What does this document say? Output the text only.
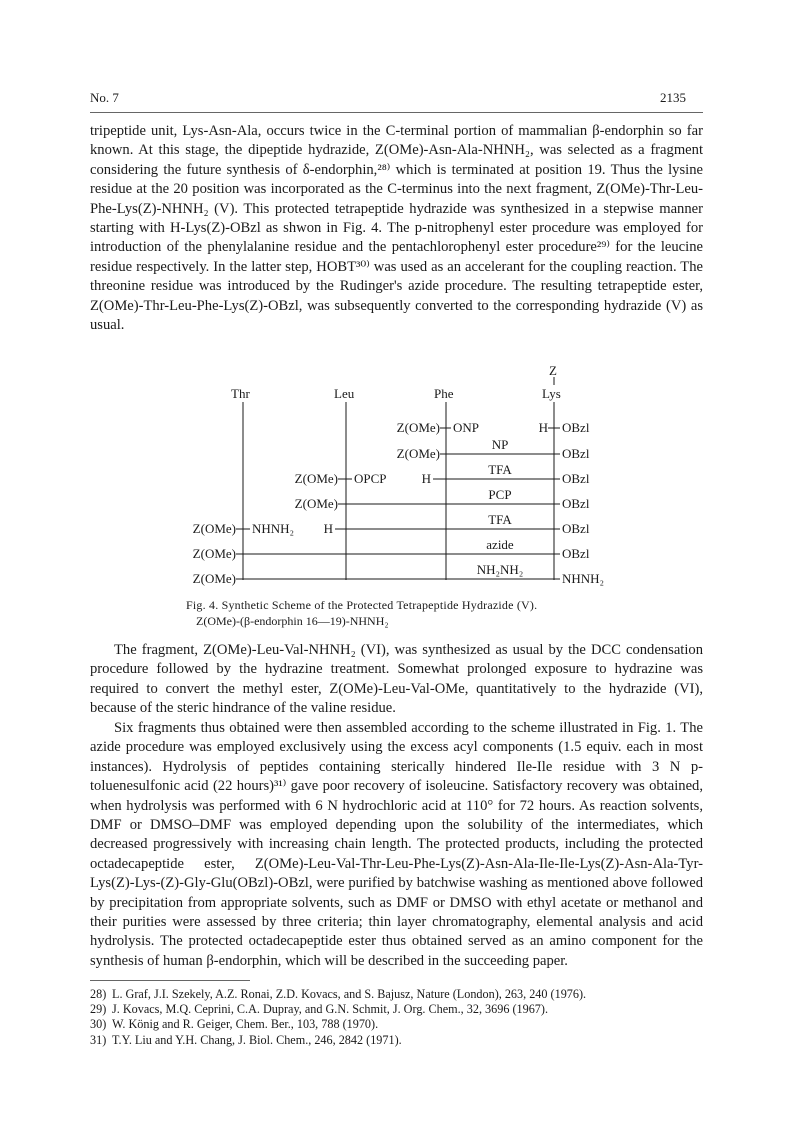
No. 7	2135

tripeptide unit, Lys-Asn-Ala, occurs twice in the C-terminal portion of mammalian β-endorphin so far known. At this stage, the dipeptide hydrazide, Z(OMe)-Asn-Ala-NHNH₂, was selected as a fragment considering the future synthesis of δ-endorphin,²⁸⁾ which is terminated at position 19. Thus the lysine residue at the 20 position was incorporated as the C-terminus into the next fragment, Z(OMe)-Thr-Leu-Phe-Lys(Z)-NHNH₂ (V). This protected tetrapeptide hydrazide was synthesized in a stepwise manner starting with H-Lys(Z)-OBzl as shwon in Fig. 4. The p-nitrophenyl ester procedure was employed for introduction of the phenylalanine residue and the pentachlorophenyl ester procedure²⁹⁾ for the leucine residue respectively. In the latter step, HOBT³⁰⁾ was used as an accelerant for the coupling reaction. The threonine residue was introduced by the Rudinger's azide procedure. The resulting tetrapeptide ester, Z(OMe)-Thr-Leu-Phe-Lys(Z)-OBzl, was subsequently converted to the corresponding hydrazide (V) as usual.

Thr	Leu	Phe	Lys
Z
Z(OMe) ONP	H OBzl
Z(OMe)
NP
OBzl
Z(OMe) OPCP	H
TFA
OBzl
Z(OMe)
PCP
OBzl
Z(OMe) NHNH₂ H
TFA
OBzl
Z(OMe)
azide
OBzl
Z(OMe)
NH₂NH₂
NHNH₂
Fig. 4. Synthetic Scheme of the Protected Tetrapeptide Hydrazide (V).
Z(OMe)-(β-endorphin 16—19)-NHNH₂

The fragment, Z(OMe)-Leu-Val-NHNH₂ (VI), was synthesized as usual by the DCC condensation procedure followed by the hydrazine treatment. Somewhat prolonged exposure to hydrazine was required to convert the methyl ester, Z(OMe)-Leu-Val-OMe, quantitatively to the hydrazide (VI), because of the steric hindrance of the valine residue.

Six fragments thus obtained were then assembled according to the scheme illustrated in Fig. 1. The azide procedure was employed exclusively using the excess acyl components (1.5 equiv. each in most instances). Hydrolysis of peptides containing sterically hindered Ile-Ile residue with 3 N p-toluenesulfonic acid (22 hours)³¹⁾ gave poor recovery of isoleucine. Satisfactory recovery was obtained, when hydrolysis was performed with 6 N hydrochloric acid at 110° for 72 hours. As reaction solvents, DMF or DMSO–DMF was employed depending upon the solubility of the intermediates, which decreased progressively with increasing chain length. The protected products, including the protected octadecapeptide ester, Z(OMe)-Leu-Val-Thr-Leu-Phe-Lys(Z)-Asn-Ala-Ile-Ile-Lys(Z)-Asn-Ala-Tyr-Lys(Z)-Lys-(Z)-Gly-Glu(OBzl)-OBzl, were purified by batchwise washing as mentioned above followed by precipitation from appropriate solvents, such as DMF or DMSO with ethyl acetate or methanol and their purities were assessed by three criteria; thin layer chromatography, elemental analysis and acid hydrolysis. The protected octadecapeptide ester thus obtained served as an amino component for the synthesis of human β-endorphin, which will be described in the succeeding paper.

28) L. Graf, J.I. Szekely, A.Z. Ronai, Z.D. Kovacs, and S. Bajusz, Nature (London), 263, 240 (1976).
29) J. Kovacs, M.Q. Ceprini, C.A. Dupray, and G.N. Schmit, J. Org. Chem., 32, 3696 (1967).
30) W. König and R. Geiger, Chem. Ber., 103, 788 (1970).
31) T.Y. Liu and Y.H. Chang, J. Biol. Chem., 246, 2842 (1971).
